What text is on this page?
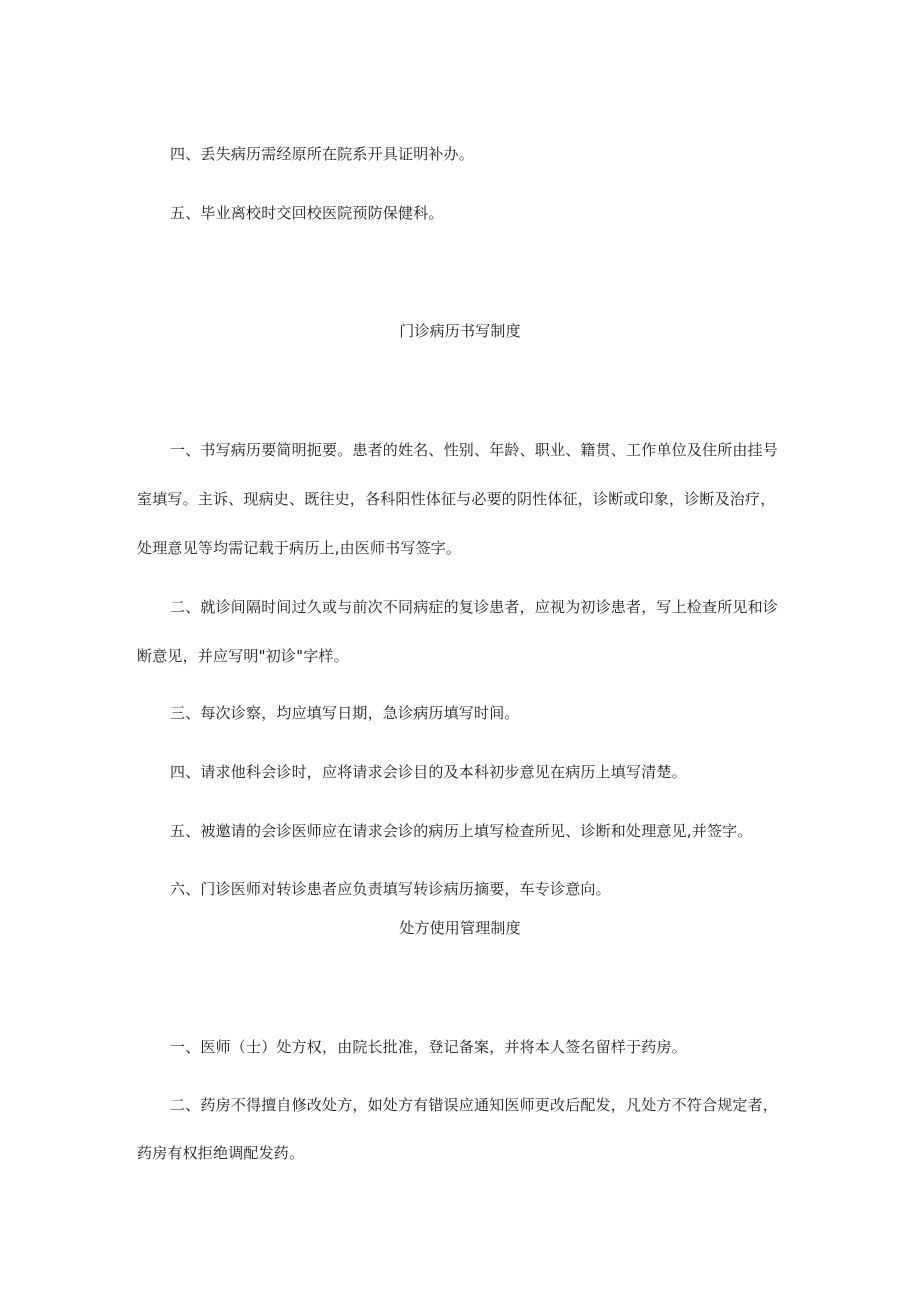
四、丢失病历需经原所在院系开具证明补办。

五、毕业离校时交回校医院预防保健科。

门诊病历书写制度

一、书写病历要简明扼要。患者的姓名、性别、年龄、职业、籍贯、工作单位及住所由挂号

室填写。主诉、现病史、既往史，各科阳性体征与必要的阴性体征，诊断或印象，诊断及治疗，

处理意见等均需记载于病历上,由医师书写签字。

二、就诊间隔时间过久或与前次不同病症的复诊患者，应视为初诊患者，写上检查所见和诊

断意见，并应写明"初诊"字样。

三、每次诊察，均应填写日期，急诊病历填写时间。

四、请求他科会诊时，应将请求会诊目的及本科初步意见在病历上填写清楚。

五、被邀请的会诊医师应在请求会诊的病历上填写检查所见、诊断和处理意见,并签字。

六、门诊医师对转诊患者应负责填写转诊病历摘要，车专诊意向。

处方使用管理制度

一、医师（士）处方权，由院长批准，登记备案，并将本人签名留样于药房。

二、药房不得擅自修改处方，如处方有错误应通知医师更改后配发，凡处方不符合规定者，

药房有权拒绝调配发药。
